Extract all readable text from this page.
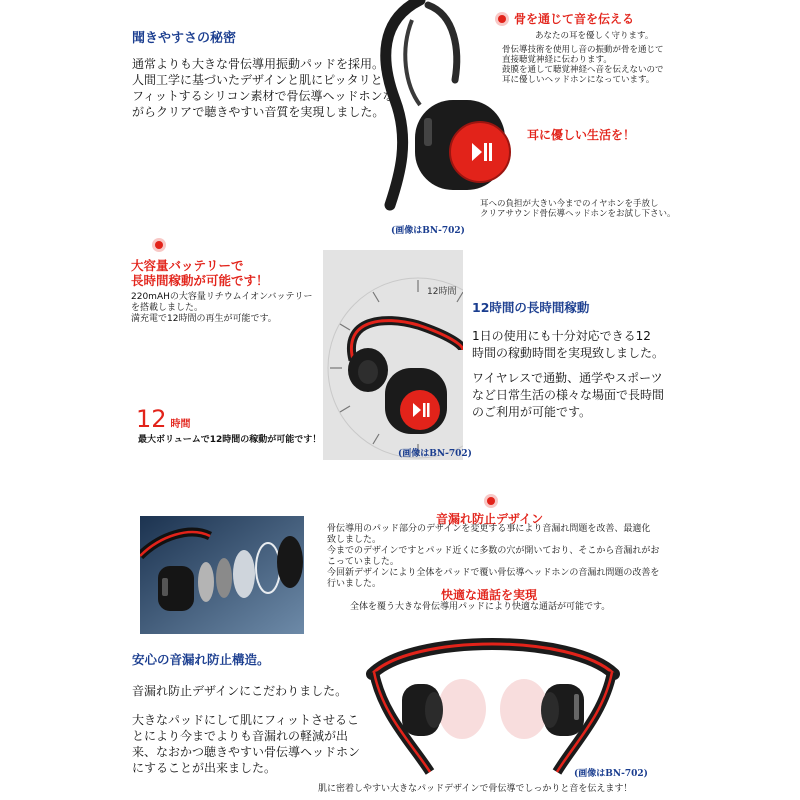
聞きやすさの秘密
通常よりも大きな骨伝導用振動パッドを採用。
人間工学に基づいたデザインと肌にピッタリと
フィットするシリコン素材で骨伝導ヘッドホンな
がらクリアで聴きやすい音質を実現しました。
骨を通じて音を伝える
あなたの耳を優しく守ります。
骨伝導技術を使用し音の振動が骨を通じて
直接聴覚神経に伝わります。
鼓膜を通して聴覚神経へ音を伝えないので
耳に優しいヘッドホンになっています。
耳に優しい生活を！
耳への負担が大きい今までのイヤホンを手放し
クリアサウンド骨伝導ヘッドホンをお試し下さい。
(画像はBN-702)
大容量バッテリーで
長時間稼動が可能です！
220mAHの大容量リチウムイオンバッテリー
を搭載しました。
満充電で12時間の再生が可能です。
12 時間
最大ボリュームで12時間の稼動が可能です！
12時間
(画像はBN-702)
12時間の長時間稼動
1日の使用にも十分対応できる12
時間の稼動時間を実現致しました。
ワイヤレスで通勤、通学やスポーツ
など日常生活の様々な場面で長時間
のご利用が可能です。
音漏れ防止デザイン
骨伝導用のパッド部分のデザインを変更する事により音漏れ問題を改善、最適化
致しました。
今までのデザインですとパッド近くに多数の穴が開いており、そこから音漏れがお
こっていました。
今回新デザインにより全体をパッドで覆い骨伝導ヘッドホンの音漏れ問題の改善を
行いました。
快適な通話を実現
全体を覆う大きな骨伝導用パッドにより快適な通話が可能です。
安心の音漏れ防止構造。
音漏れ防止デザインにこだわりました。
大きなパッドにして肌にフィットさせるこ
とにより今までよりも音漏れの軽減が出
来、なおかつ聴きやすい骨伝導ヘッドホン
にすることが出来ました。	(画像はBN-702)
肌に密着しやすい大きなパッドデザインで骨伝導でしっかりと音を伝えます！
